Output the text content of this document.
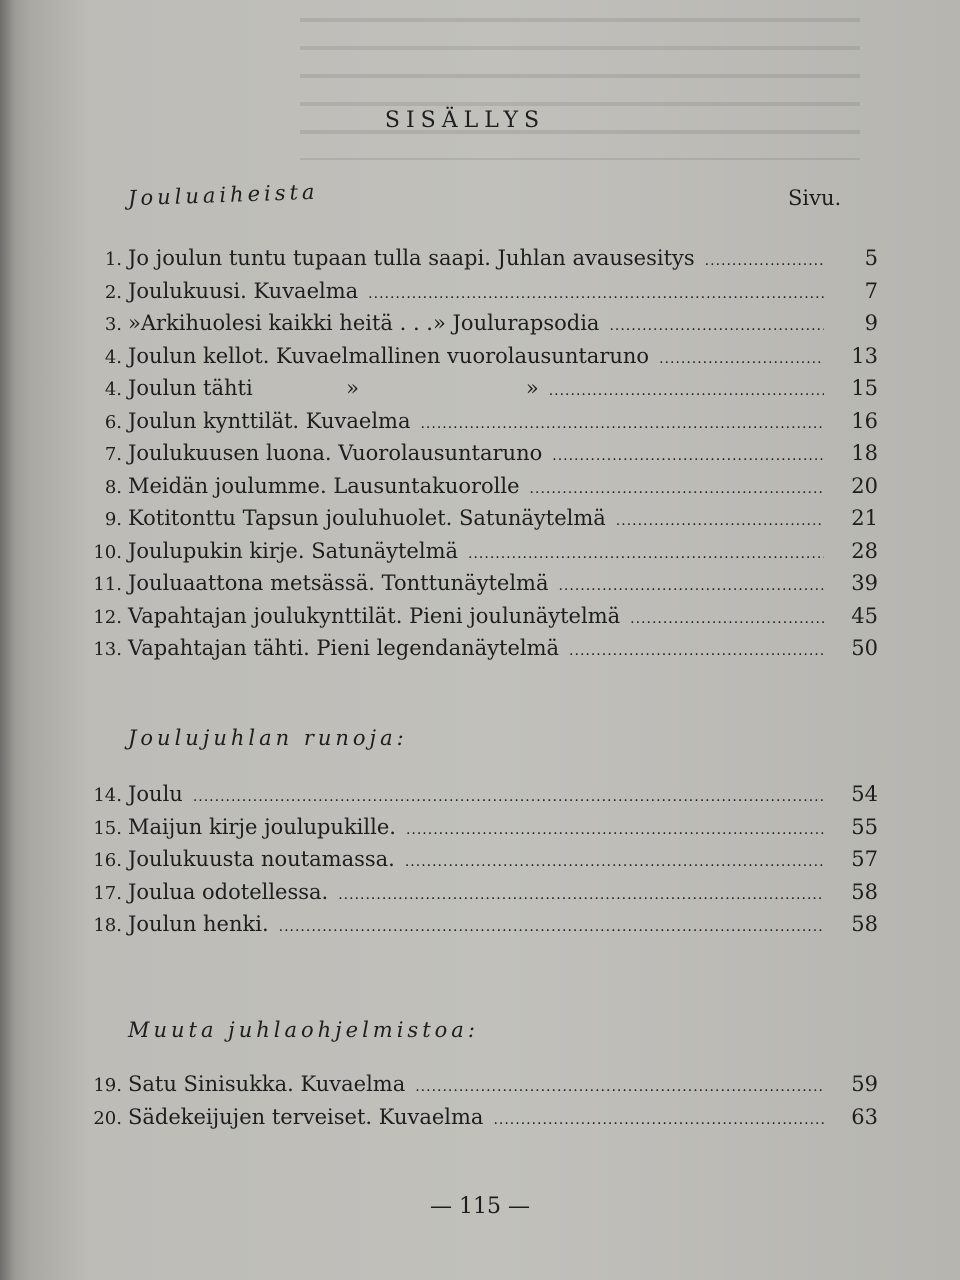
SISÄLLYS
Jouluaiheista	Sivu.
1. Jo joulun tuntu tupaan tulla saapi. Juhlan avausesitys .....	5
2. Joulukuusi. Kuvaelma .....	7
3. »Arkihuolesi kaikki heitä . . .» Joulurapsodia .....	9
4. Joulun kellot. Kuvaelmallinen vuorolausuntaruno .....	13
4. Joulun tähti              »                         » .....	15
6. Joulun kynttilät. Kuvaelma .....	16
7. Joulukuusen luona. Vuorolausuntaruno .....	18
8. Meidän joulumme. Lausuntakuorolle .....	20
9. Kotitonttu Tapsun jouluhuolet. Satunäytelmä .....	21
10. Joulupukin kirje. Satunäytelmä .....	28
11. Jouluaattona metsässä. Tonttunäytelmä .....	39
12. Vapahtajan joulukynttilät. Pieni joulunäytelmä .....	45
13. Vapahtajan tähti. Pieni legendanäytelmä .....	50
Joulujuhlan runoja:
14. Joulu .....	54
15. Maijun kirje joulupukille. .....	55
16. Joulukuusta noutamassa. .....	57
17. Joulua odotellessa. .....	58
18. Joulun henki. .....	58
Muuta juhlaohjelmistoa:
19. Satu Sinisukka. Kuvaelma .....	59
20. Sädekeijujen terveiset. Kuvaelma .....	63
— 115 —
